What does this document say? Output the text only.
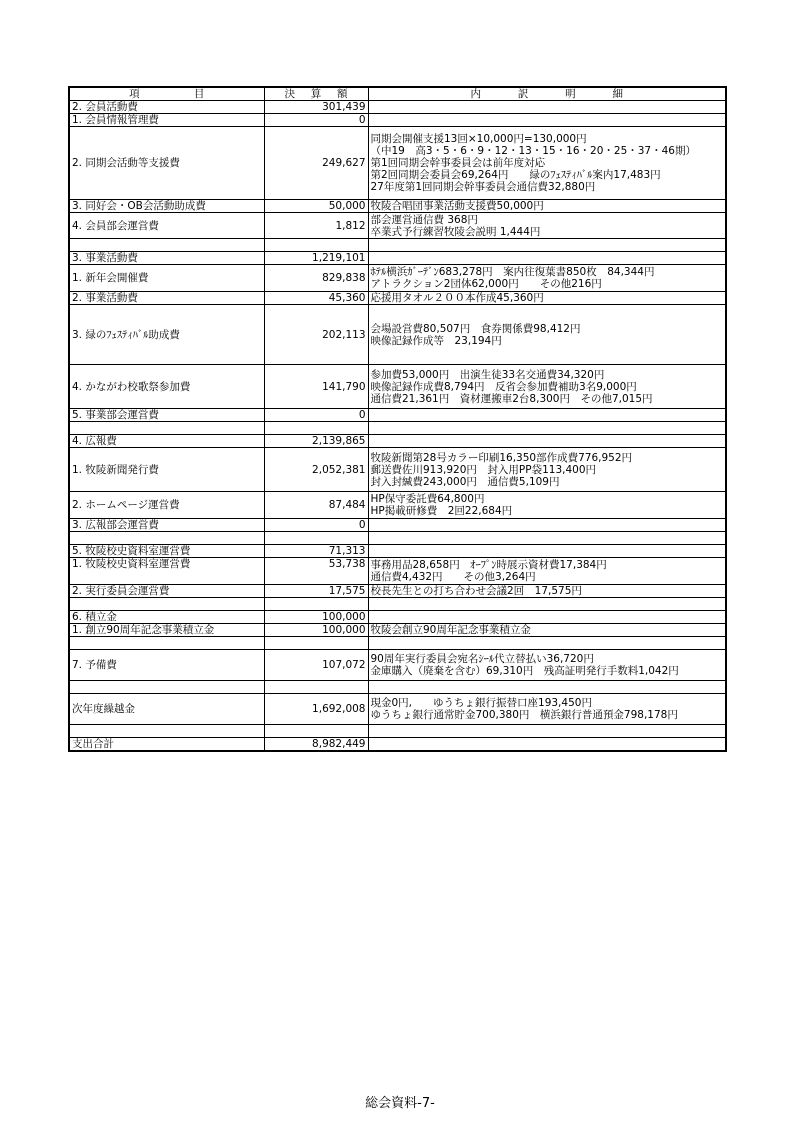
項 目	決 算 額	内 訳 明 細

2. 会員活動費	301,439	
1. 会員情報管理費	0	
2. 同期会活動等支援費	249,627	同期会開催支援13回×10,000円=130,000円
（中19　高3・5・6・9・12・13・15・16・20・25・37・46期）
第1回同期会幹事委員会は前年度対応
第2回同期会委員会69,264円　　緑のﾌｪｽﾃｨﾊﾞﾙ案内17,483円
27年度第1回同期会幹事委員会通信費32,880円

3. 同好会・OB会活動助成費	50,000	牧陵合唱団事業活動支援費50,000円

4. 会員部会運営費	1,812	部会運営通信費 368円
卒業式予行練習牧陵会説明 1,444円

3. 事業活動費	1,219,101	
1. 新年会開催費	829,838	ﾎﾃﾙ横浜ｶﾞｰﾃﾞﾝ683,278円　案内往復葉書850枚　84,344円
アトラクション2団体62,000円　　その他216円

2. 事業活動費	45,360	応援用タオル２００本作成45,360円

3. 緑のﾌｪｽﾃｨﾊﾞﾙ助成費	202,113	会場設営費80,507円　食券関係費98,412円
映像記録作成等　23,194円

4. かながわ校歌祭参加費	141,790	参加費53,000円　出演生徒33名交通費34,320円
映像記録作成費8,794円　反省会参加費補助3名9,000円
通信費21,361円　資材運搬車2台8,300円　その他7,015円

5. 事業部会運営費	0	

4. 広報費	2,139,865	
1. 牧陵新聞発行費	2,052,381	牧陵新聞第28号カラー印刷16,350部作成費776,952円
郵送費佐川913,920円　封入用PP袋113,400円
封入封緘費243,000円　通信費5,109円

2. ホームページ運営費	87,484	HP保守委託費64,800円
HP掲載研修費　2回22,684円

3. 広報部会運営費	0	

5. 牧陵校史資料室運営費	71,313	
1. 牧陵校史資料室運営費	53,738	事務用品28,658円　ｵｰﾌﾟﾝ時展示資材費17,384円
通信費4,432円　　その他3,264円

2. 実行委員会運営費	17,575	校長先生との打ち合わせ会議2回　17,575円

6. 積立金	100,000	
1. 創立90周年記念事業積立金	100,000	牧陵会創立90周年記念事業積立金

7. 予備費	107,072	90周年実行委員会宛名ｼｰﾙ代立替払い36,720円
金庫購入（廃棄を含む）69,310円　残高証明発行手数料1,042円

次年度繰越金	1,692,008	現金0円,　　ゆうちょ銀行振替口座193,450円
ゆうちょ銀行通常貯金700,380円　横浜銀行普通預金798,178円

支出合計	8,982,449	
総会資料-7-
